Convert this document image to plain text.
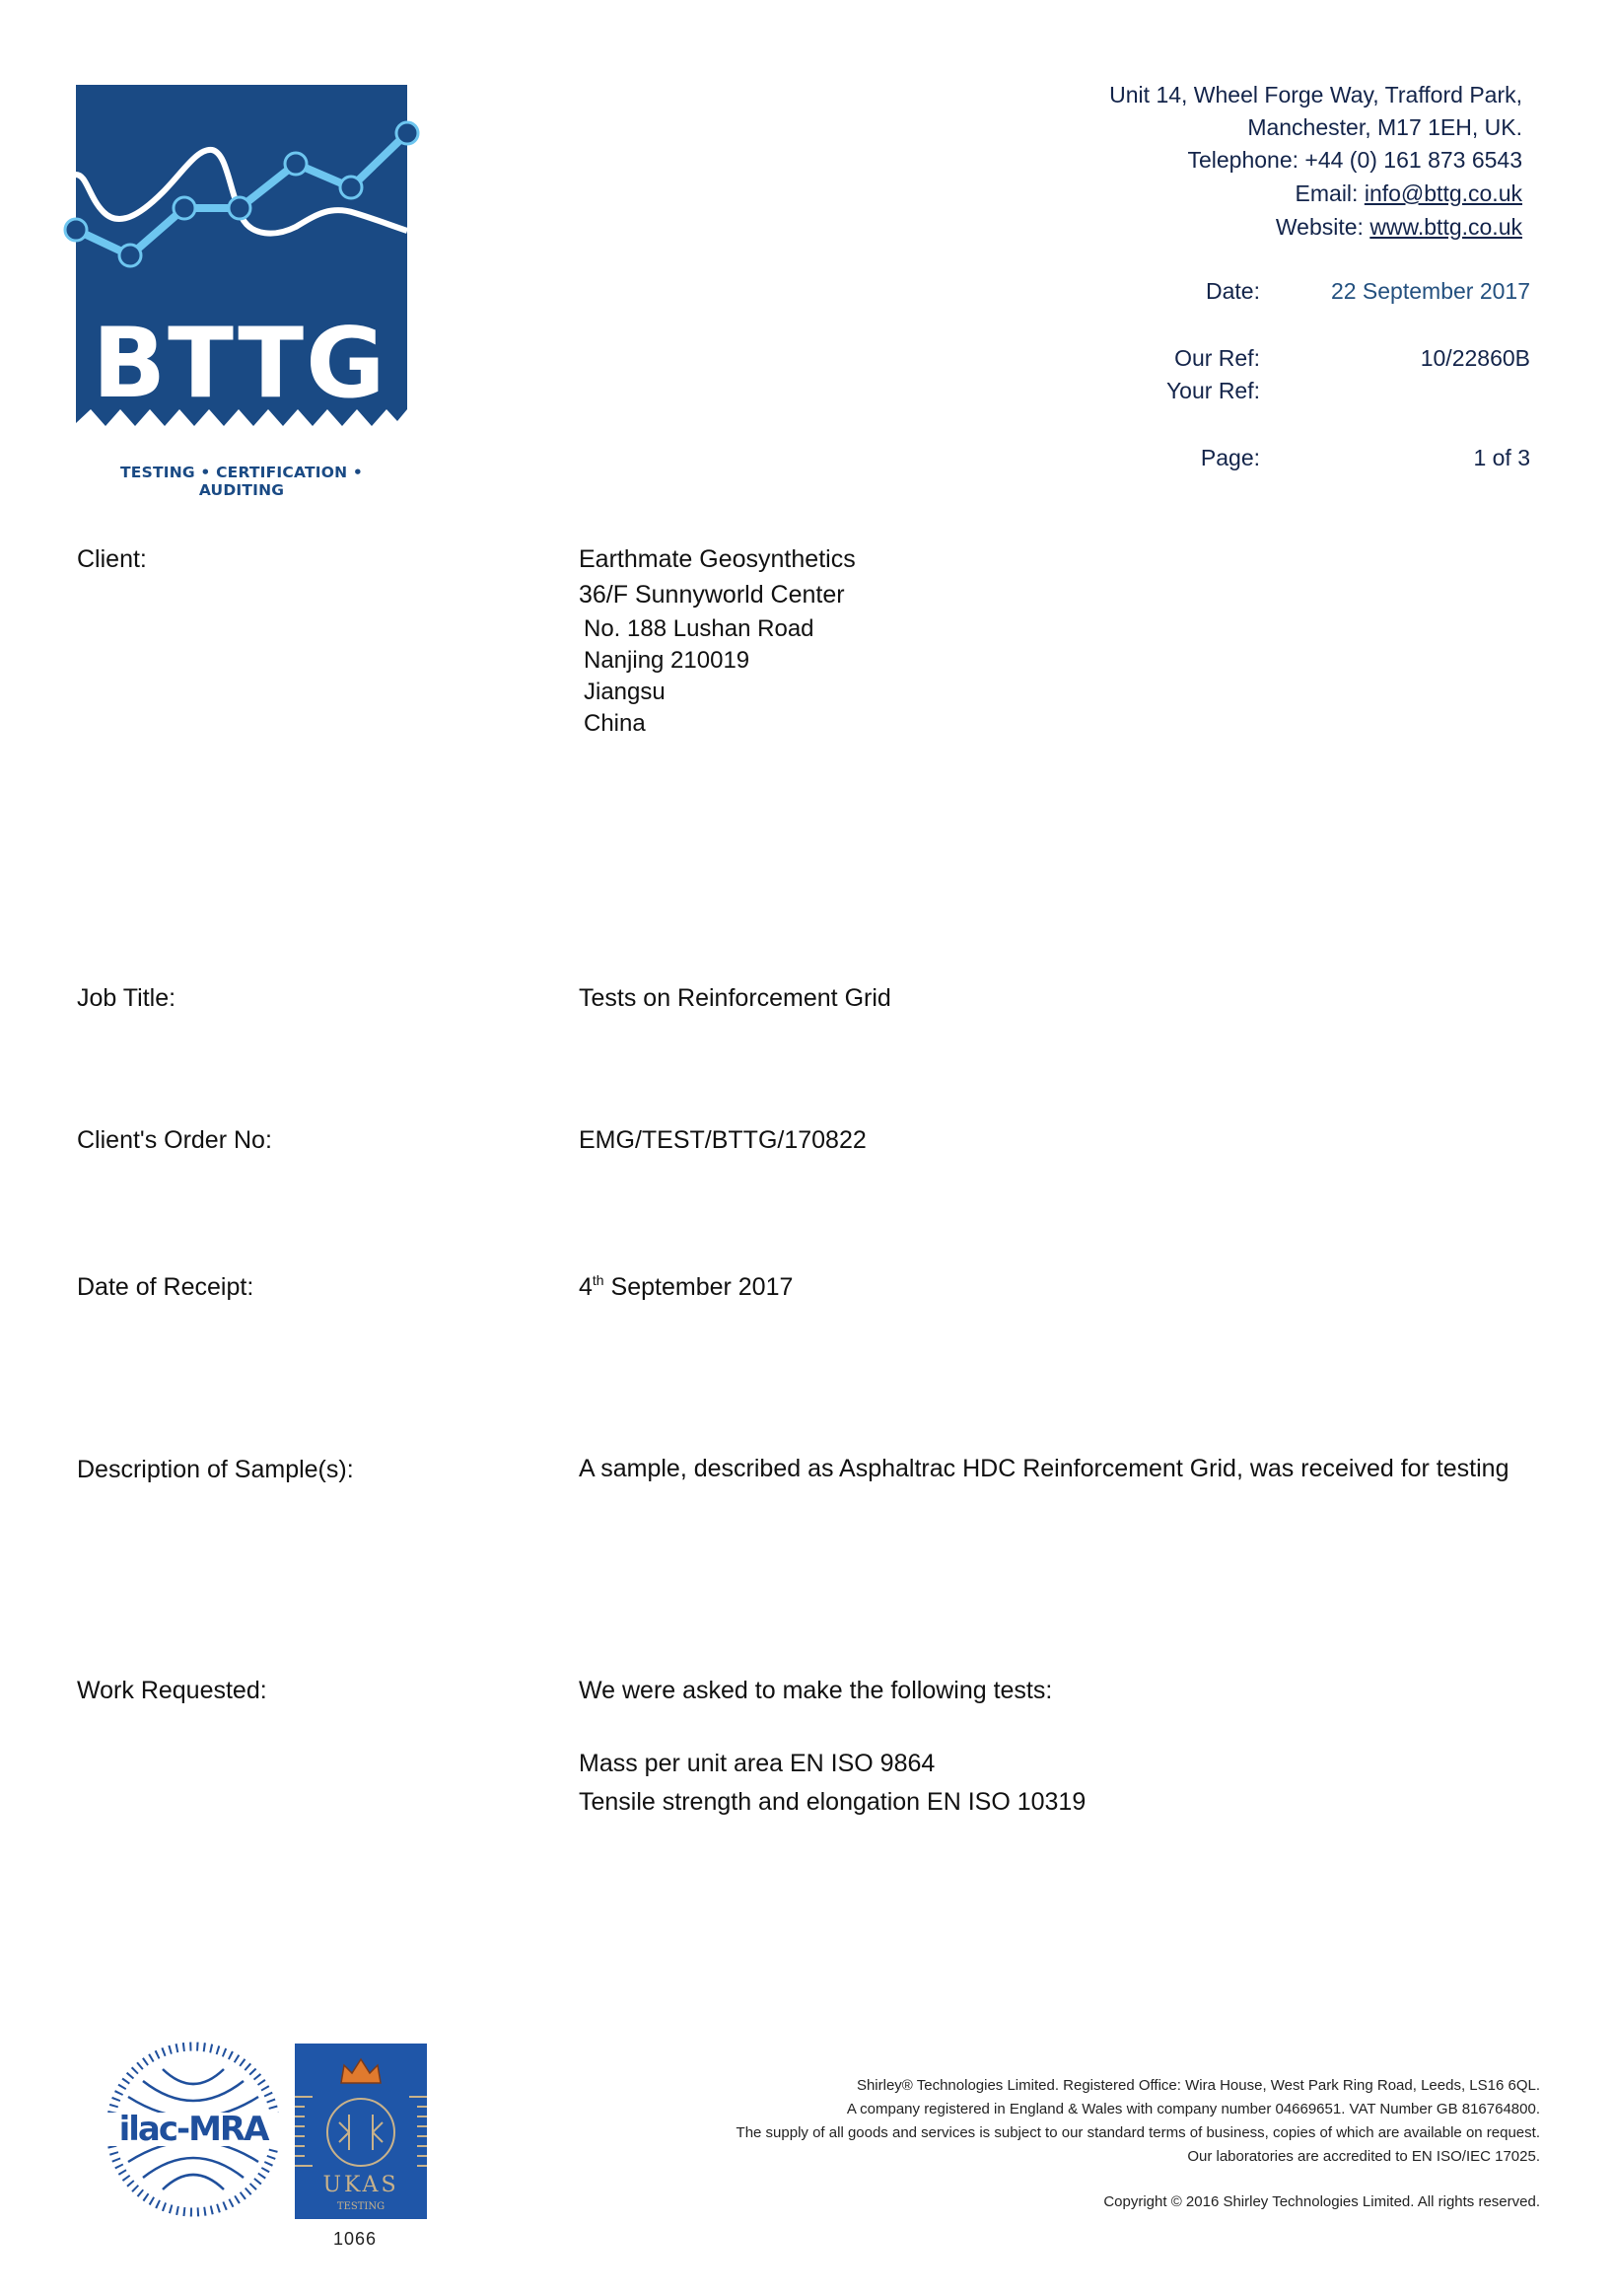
BTTG
TESTING • CERTIFICATION • AUDITING
Unit 14, Wheel Forge Way, Trafford Park,
Manchester, M17 1EH, UK.
Telephone: +44 (0) 161 873 6543
Email: info@bttg.co.uk
Website: www.bttg.co.uk
Date:	22 September 2017
Our Ref:	10/22860B
Your Ref:
Page:	1 of 3
Client:	Earthmate Geosynthetics
36/F Sunnyworld Center
No. 188 Lushan Road
Nanjing 210019
Jiangsu
China
Job Title:	Tests on Reinforcement Grid
Client's Order No:	EMG/TEST/BTTG/170822
Date of Receipt:	4th September 2017
Description of Sample(s):	A sample, described as Asphaltrac HDC Reinforcement Grid, was received for testing
Work Requested:	We were asked to make the following tests:
Mass per unit area EN ISO 9864
Tensile strength and elongation EN ISO 10319
ilac-MRA
UKAS
TESTING
1066
Shirley® Technologies Limited. Registered Office: Wira House, West Park Ring Road, Leeds, LS16 6QL.
A company registered in England & Wales with company number 04669651. VAT Number GB 816764800.
The supply of all goods and services is subject to our standard terms of business, copies of which are available on request.
Our laboratories are accredited to EN ISO/IEC 17025.
Copyright © 2016 Shirley Technologies Limited. All rights reserved.
